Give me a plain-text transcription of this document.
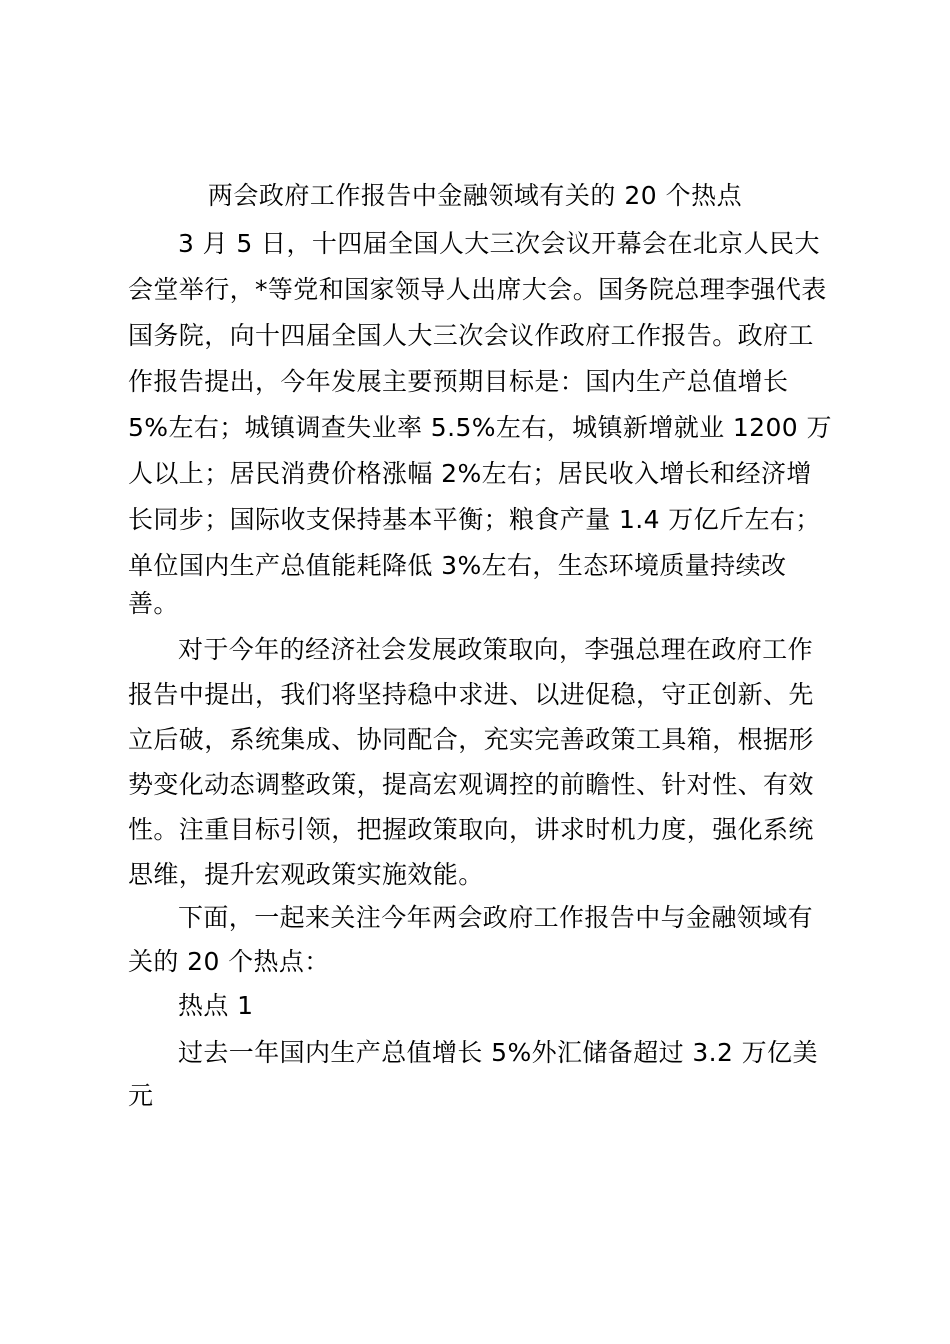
两会政府工作报告中金融领域有关的 20 个热点
3 月 5 日，十四届全国人大三次会议开幕会在北京人民大
会堂举行，*等党和国家领导人出席大会。国务院总理李强代表
国务院，向十四届全国人大三次会议作政府工作报告。政府工
作报告提出，今年发展主要预期目标是：国内生产总值增长
5%左右；城镇调查失业率 5.5%左右，城镇新增就业 1200 万
人以上；居民消费价格涨幅 2%左右；居民收入增长和经济增
长同步；国际收支保持基本平衡；粮食产量 1.4 万亿斤左右；
单位国内生产总值能耗降低 3%左右，生态环境质量持续改
善。
对于今年的经济社会发展政策取向，李强总理在政府工作
报告中提出，我们将坚持稳中求进、以进促稳，守正创新、先
立后破，系统集成、协同配合，充实完善政策工具箱，根据形
势变化动态调整政策，提高宏观调控的前瞻性、针对性、有效
性。注重目标引领，把握政策取向，讲求时机力度，强化系统
思维，提升宏观政策实施效能。
下面，一起来关注今年两会政府工作报告中与金融领域有
关的 20 个热点：
热点 1
过去一年国内生产总值增长 5%外汇储备超过 3.2 万亿美
元
